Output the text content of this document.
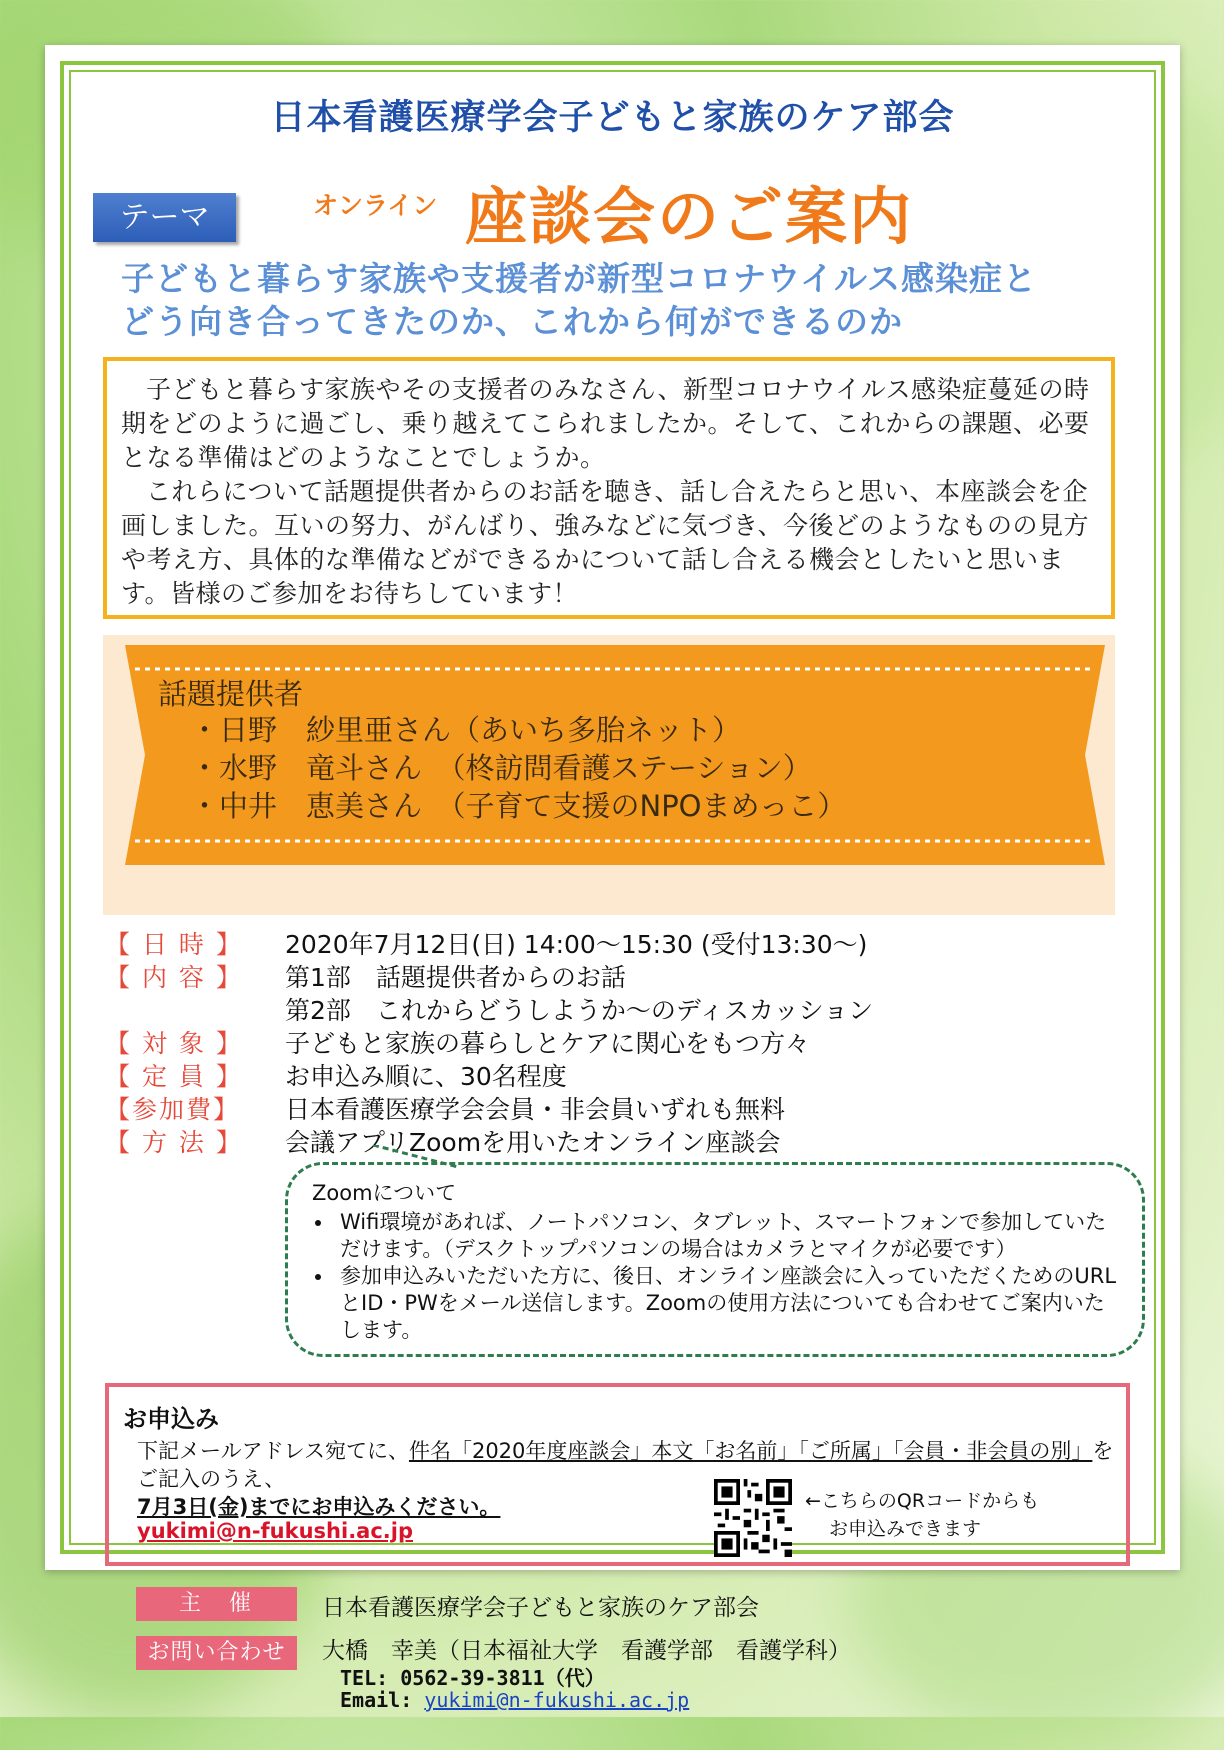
日本看護医療学会子どもと家族のケア部会
テーマ	オンライン 座談会のご案内
子どもと暮らす家族や支援者が新型コロナウイルス感染症と
どう向き合ってきたのか、これから何ができるのか

子どもと暮らす家族やその支援者のみなさん、新型コロナウイルス感染症蔓延の時期をどのように過ごし、乗り越えてこられましたか。そして、これからの課題、必要となる準備はどのようなことでしょうか。

これらについて話題提供者からのお話を聴き、話し合えたらと思い、本座談会を企画しました。互いの努力、がんばり、強みなどに気づき、今後どのようなものの見方や考え方、具体的な準備などができるかについて話し合える機会としたいと思います。皆様のご参加をお待ちしています！

話題提供者
・日野　紗里亜さん（あいち多胎ネット）
・水野　竜斗さん　（柊訪問看護ステーション）
・中井　恵美さん　（子育て支援のNPOまめっこ）
【 日 時 】 2020年7月12日(日) 14:00～15:30 (受付13:30～)
【 内 容 】 第1部　話題提供者からのお話
第2部　これからどうしようか～のディスカッション
【 対 象 】 子どもと家族の暮らしとケアに関心をもつ方々
【 定 員 】 お申込み順に、30名程度
【参加費】 日本看護医療学会会員・非会員いずれも無料
【 方 法 】 会議アプリZoomを用いたオンライン座談会
Zoomについて
• Wifi環境があれば、ノートパソコン、タブレット、スマートフォンで参加していただけます。（デスクトップパソコンの場合はカメラとマイクが必要です）
• 参加申込みいただいた方に、後日、オンライン座談会に入っていただくためのURLとID・PWをメール送信します。Zoomの使用方法についても合わせてご案内いたします。
お申込み
下記メールアドレス宛てに、件名「2020年度座談会」本文「お名前」「ご所属」「会員・非会員の別」を
ご記入のうえ、
7月3日(金)までにお申込みください。
yukimi@n-fukushi.ac.jp
←こちらのQRコードからも
お申込みできます
主　催	日本看護医療学会子どもと家族のケア部会
お問い合わせ	大橋　幸美（日本福祉大学　看護学部　看護学科）
TEL: 0562-39-3811（代）
Email: yukimi@n-fukushi.ac.jp
